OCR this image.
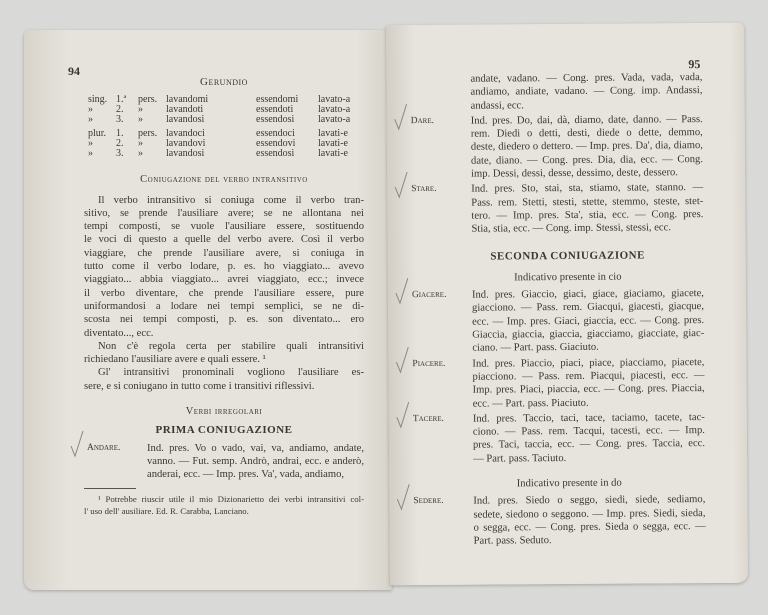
94
Gerundio
sing. 1.ª	pers. lavandomi	essendomi	lavato-a
»	2.	»	lavandoti	essendoti	lavato-a
»	3.	»	lavandosi	essendosi	lavato-a
plur. 1.	pers. lavandoci	essendoci	lavati-e
»	2.	»	lavandovi	essendovi	lavati-e
»	3.	»	lavandosi	essendosi	lavati-e
Coniugazione del verbo intransitivo
Il verbo intransitivo si coniuga come il verbo tran-
sitivo, se prende l'ausiliare avere; se ne allontana nei
tempi composti, se vuole l'ausiliare essere, sostituendo
le voci di questo a quelle del verbo avere. Così il verbo
viaggiare, che prende l'ausiliare avere, si coniuga in
tutto come il verbo lodare, p. es. ho viaggiato... avevo
viaggiato... abbia viaggiato... avrei viaggiato, ecc.; invece
il verbo diventare, che prende l'ausiliare essere, pure
uniformandosi a lodare nei tempi semplici, se ne di-
scosta nei tempi composti, p. es. son diventato... ero
diventato..., ecc.
Non c'è regola certa per stabilire quali intransitivi
richiedano l'ausiliare avere e quali essere. ¹
Gl' intransitivi pronominali vogliono l'ausiliare es-
sere, e si coniugano in tutto come i transitivi riflessivi.
Verbi irregolari
PRIMA CONIUGAZIONE
Andare.	Ind. pres. Vo o vado, vai, va, andiamo, andate,
vanno. — Fut. semp. Andrò, andrai, ecc. e anderò,
anderai, ecc. — Imp. pres. Va', vada, andiamo,
¹ Potrebbe riuscir utile il mio Dizionarietto dei verbi intransitivi col-
l' uso dell' ausiliare. Ed. R. Carabba, Lanciano.
95
andate, vadano. — Cong. pres. Vada, vada, vada,
andiamo, andiate, vadano. — Cong. imp. Andassi,
andassi, ecc.
Dare.	Ind. pres. Do, dai, dà, diamo, date, danno. — Pass.
rem. Diedi o detti, desti, diede o dette, demmo,
deste, diedero o dettero. — Imp. pres. Da', dia, diamo,
date, diano. — Cong. pres. Dia, dia, ecc. — Cong.
imp. Dessi, dessi, desse, dessimo, deste, dessero.
Stare.	Ind. pres. Sto, stai, sta, stiamo, state, stanno. —
Pass. rem. Stetti, stesti, stette, stemmo, steste, stet-
tero. — Imp. pres. Sta', stia, ecc. — Cong. pres.
Stia, stia, ecc. — Cong. imp. Stessi, stessi, ecc.
SECONDA CONIUGAZIONE
Indicativo presente in cio
Giacere. Ind. pres. Giaccio, giaci, giace, giaciamo, giacete,
giacciono. — Pass. rem. Giacqui, giacesti, giacque,
ecc. — Imp. pres. Giaci, giaccia, ecc. — Cong. pres.
Giaccia, giaccia, giaccia, giacciamo, giacciate, giac-
ciano. — Part. pass. Giaciuto.
Piacere.	Ind. pres. Piaccio, piaci, piace, piacciamo, piacete,
piacciono. — Pass. rem. Piacqui, piacesti, ecc. —
Imp. pres. Piaci, piaccia, ecc. — Cong. pres. Piaccia,
ecc. — Part. pass. Piaciuto.
Tacere.	Ind. pres. Taccio, taci, tace, taciamo, tacete, tac-
ciono. — Pass. rem. Tacqui, tacesti, ecc. — Imp.
pres. Taci, taccia, ecc. — Cong. pres. Taccia, ecc.
— Part. pass. Taciuto.
Indicativo presente in do
Sedere.	Ind. pres. Siedo o seggo, siedi, siede, sediamo,
sedete, siedono o seggono. — Imp. pres. Siedi, sieda,
o segga, ecc. — Cong. pres. Sieda o segga, ecc. —
Part. pass. Seduto.
